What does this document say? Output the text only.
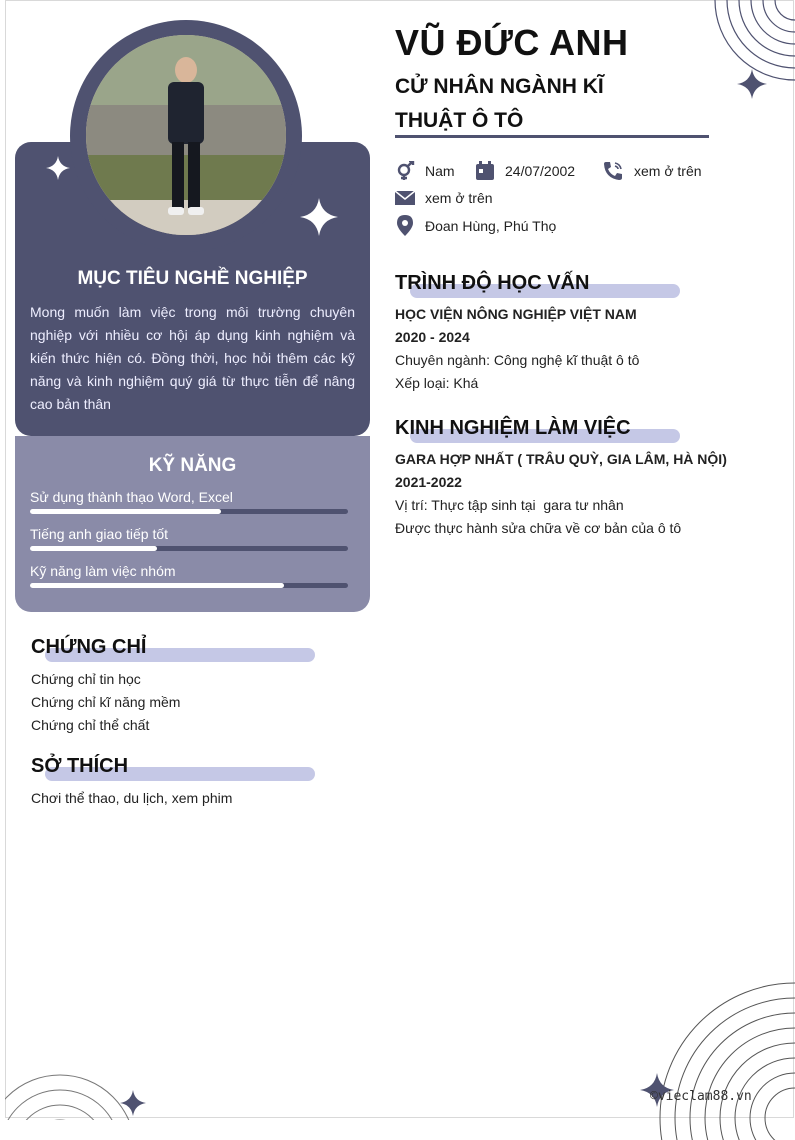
MỤC TIÊU NGHỀ NGHIỆP
Mong muốn làm việc trong môi trường chuyên nghiệp với nhiều cơ hội áp dụng kinh nghiệm và kiến thức hiện có. Đồng thời, học hỏi thêm các kỹ năng và kinh nghiệm quý giá từ thực tiễn để nâng cao bản thân
KỸ NĂNG
Sử dụng thành thạo Word, Excel
Tiếng anh giao tiếp tốt
Kỹ năng làm việc nhóm
CHỨNG CHỈ
Chứng chỉ tin học
Chứng chỉ kĩ năng mềm
Chứng chỉ thể chất
SỞ THÍCH
Chơi thể thao, du lịch, xem phim
VŨ ĐỨC ANH
CỬ NHÂN NGÀNH KĨ THUẬT Ô TÔ
Nam	24/07/2002	xem ở trên
xem ở trên
Đoan Hùng, Phú Thọ
TRÌNH ĐỘ HỌC VẤN
HỌC VIỆN NÔNG NGHIỆP VIỆT NAM
2020 - 2024
Chuyên ngành: Công nghệ kĩ thuật ô tô
Xếp loại: Khá
KINH NGHIỆM LÀM VIỆC
GARA HỢP NHẤT ( TRÂU QUỲ, GIA LÂM, HÀ NỘI)
2021-2022
Vị trí: Thực tập sinh tại  gara tư nhân
Được thực hành sửa chữa về cơ bản của ô tô
©vieclam88.vn
